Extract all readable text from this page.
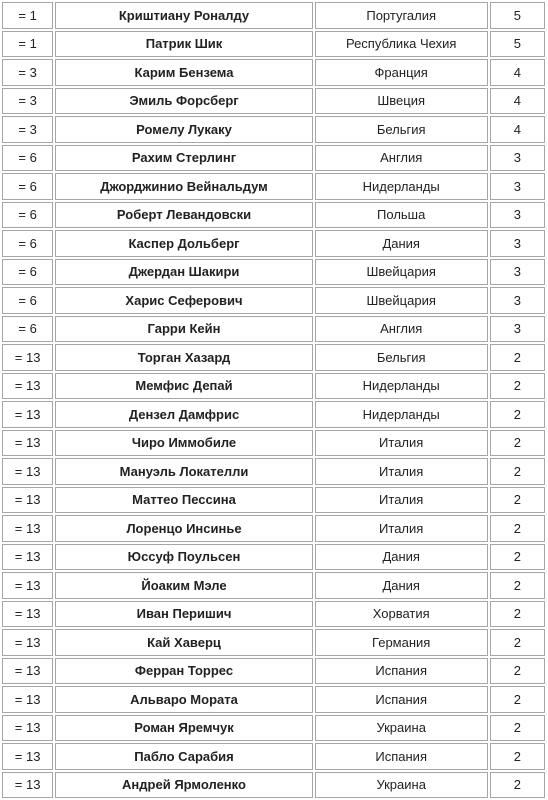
= 1	Криштиану Роналду	Португалия	5
= 1	Патрик Шик	Республика Чехия	5
= 3	Карим Бензема	Франция	4
= 3	Эмиль Форсберг	Швеция	4
= 3	Ромелу Лукаку	Бельгия	4
= 6	Рахим Стерлинг	Англия	3
= 6	Джорджинио Вейнальдум	Нидерланды	3
= 6	Роберт Левандовски	Польша	3
= 6	Каспер Дольберг	Дания	3
= 6	Джердан Шакири	Швейцария	3
= 6	Харис Сеферович	Швейцария	3
= 6	Гарри Кейн	Англия	3
= 13	Торган Хазард	Бельгия	2
= 13	Мемфис Депай	Нидерланды	2
= 13	Дензел Дамфрис	Нидерланды	2
= 13	Чиро Иммобиле	Италия	2
= 13	Мануэль Локателли	Италия	2
= 13	Маттео Пессина	Италия	2
= 13	Лоренцо Инсинье	Италия	2
= 13	Юссуф Поульсен	Дания	2
= 13	Йоаким Мэле	Дания	2
= 13	Иван Перишич	Хорватия	2
= 13	Кай Хаверц	Германия	2
= 13	Ферран Торрес	Испания	2
= 13	Альваро Мората	Испания	2
= 13	Роман Яремчук	Украина	2
= 13	Пабло Сарабия	Испания	2
= 13	Андрей Ярмоленко	Украина	2
